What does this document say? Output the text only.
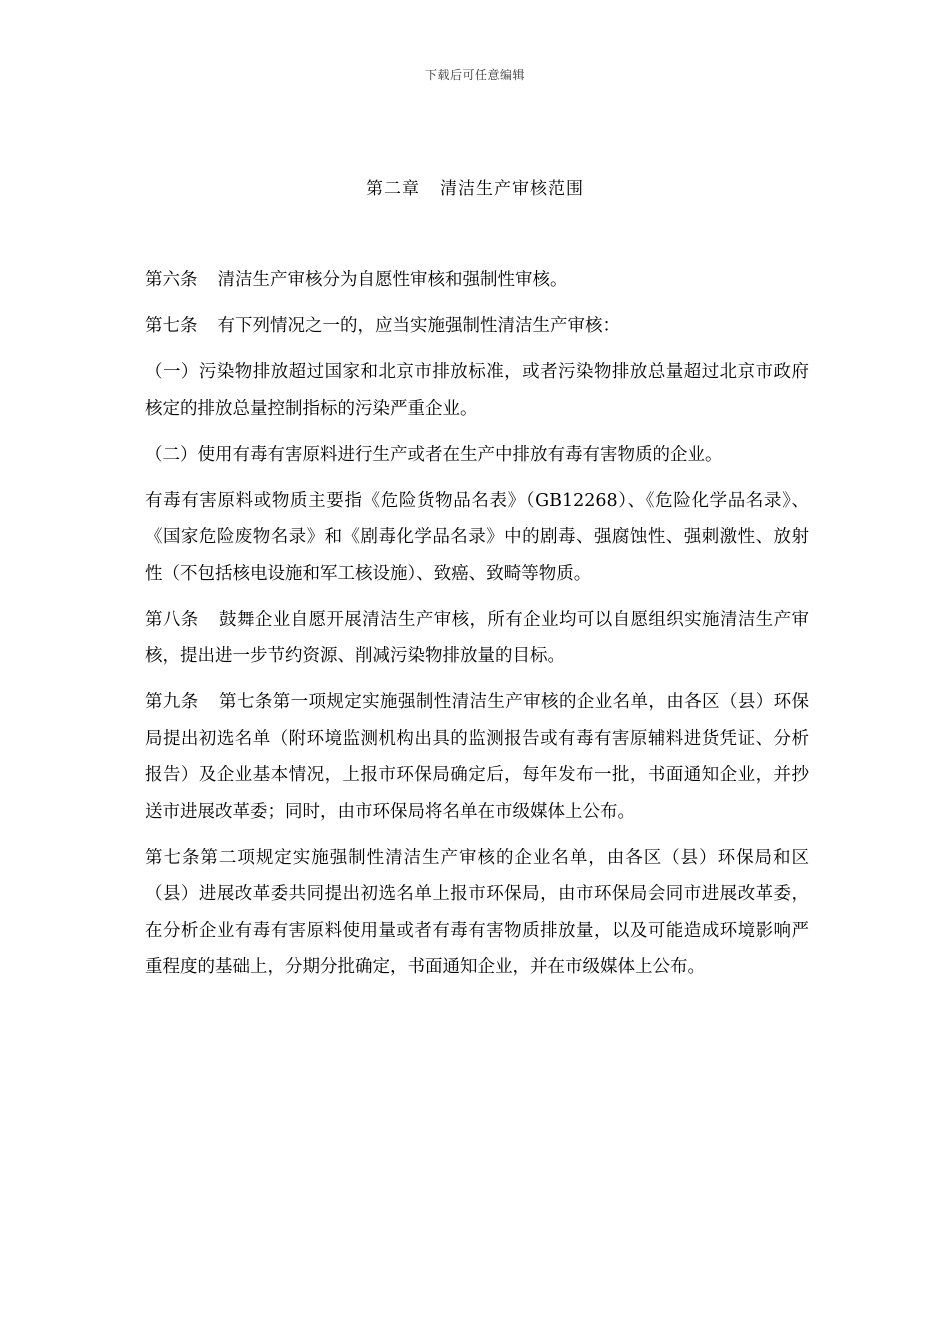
下载后可任意编辑
第二章 清洁生产审核范围

第六条 清洁生产审核分为自愿性审核和强制性审核。

第七条 有下列情况之一的，应当实施强制性清洁生产审核：

（一）污染物排放超过国家和北京市排放标准，或者污染物排放总量超过北京市政府核定的排放总量控制指标的污染严重企业。

（二）使用有毒有害原料进行生产或者在生产中排放有毒有害物质的企业。

有毒有害原料或物质主要指《危险货物品名表》（GB12268）、《危险化学品名录》、《国家危险废物名录》和《剧毒化学品名录》中的剧毒、强腐蚀性、强刺激性、放射性（不包括核电设施和军工核设施）、致癌、致畸等物质。

第八条 鼓舞企业自愿开展清洁生产审核，所有企业均可以自愿组织实施清洁生产审核，提出进一步节约资源、削减污染物排放量的目标。

第九条 第七条第一项规定实施强制性清洁生产审核的企业名单，由各区（县）环保局提出初选名单（附环境监测机构出具的监测报告或有毒有害原辅料进货凭证、分析报告）及企业基本情况，上报市环保局确定后，每年发布一批，书面通知企业，并抄送市进展改革委；同时，由市环保局将名单在市级媒体上公布。

第七条第二项规定实施强制性清洁生产审核的企业名单，由各区（县）环保局和区（县）进展改革委共同提出初选名单上报市环保局，由市环保局会同市进展改革委，在分析企业有毒有害原料使用量或者有毒有害物质排放量，以及可能造成环境影响严重程度的基础上，分期分批确定，书面通知企业，并在市级媒体上公布。
